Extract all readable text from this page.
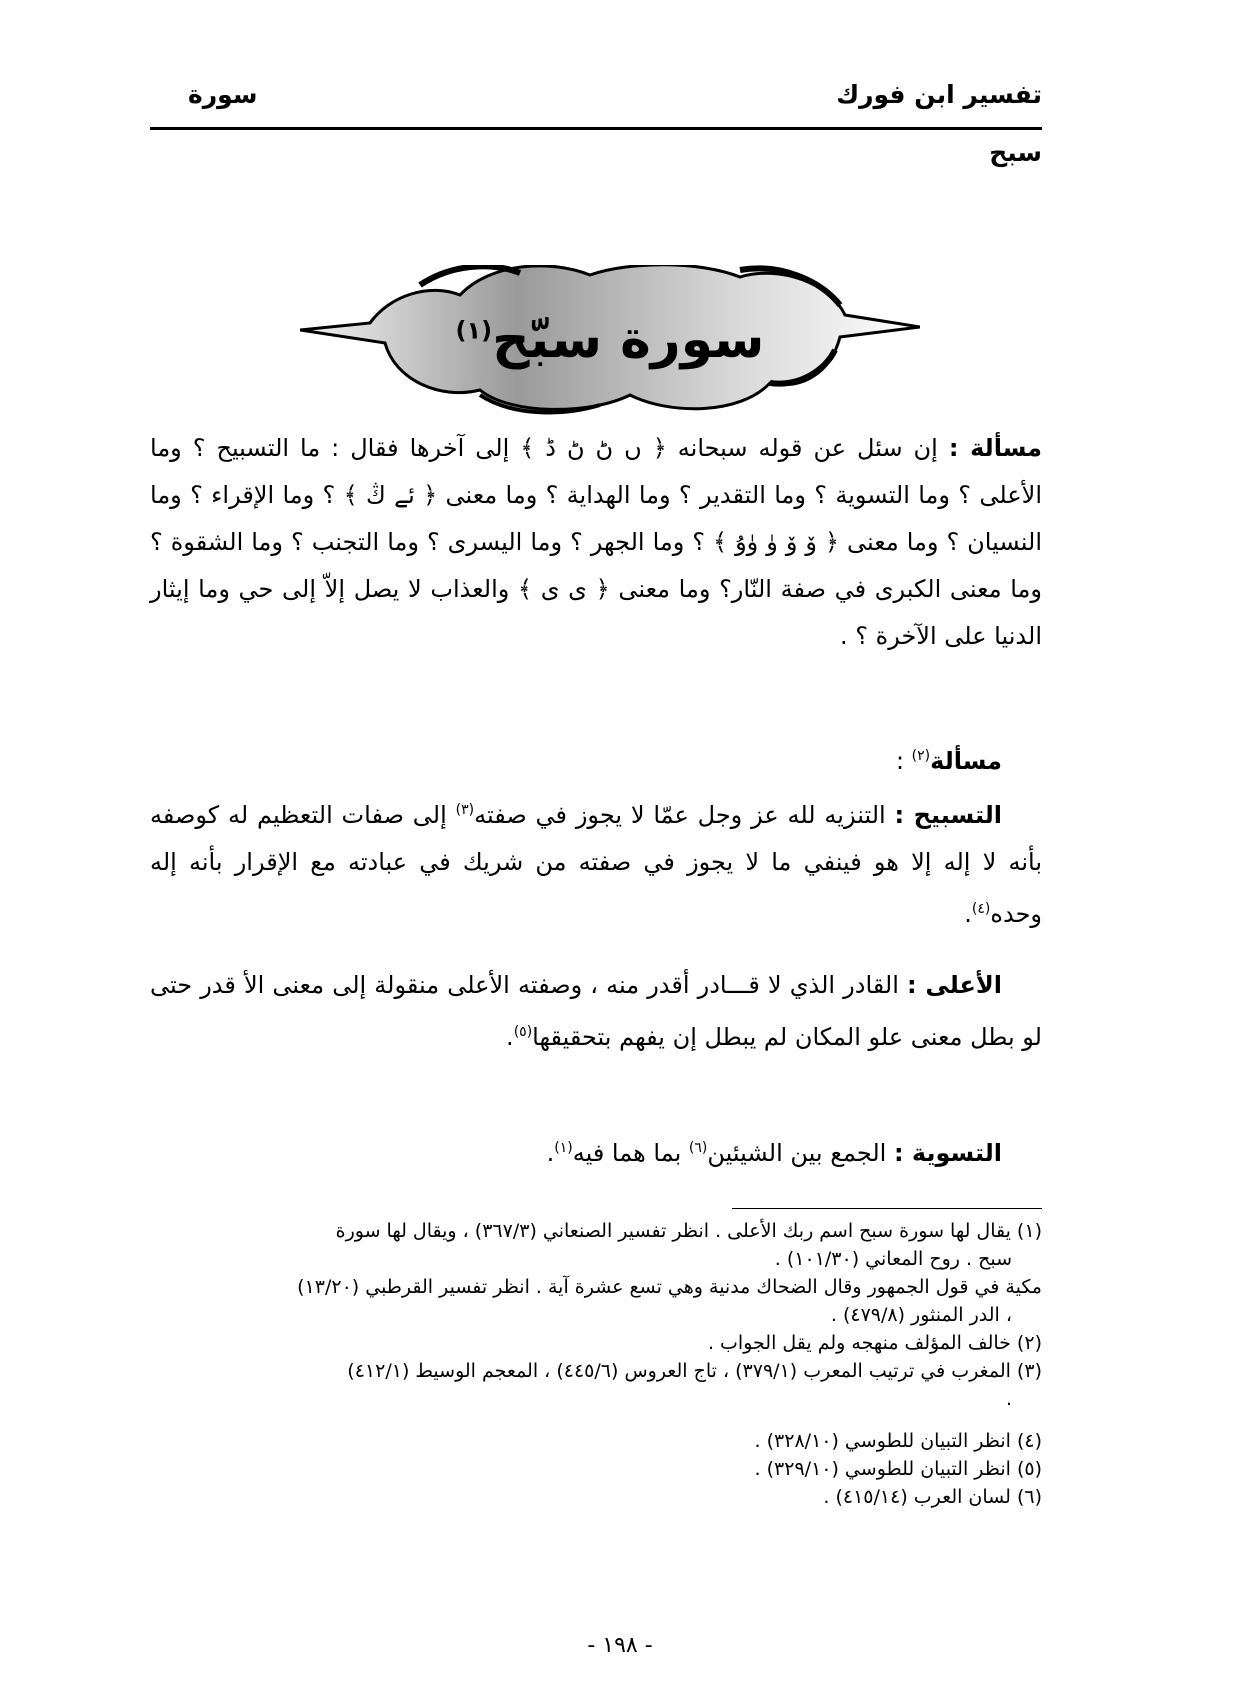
تفسير ابن فورك
سورة
سبح
سورة سبّح$^{(١)}$
مسألة : إن سئل عن قوله سبحانه ﴿ ں ڻ ڻ ڈ ﴾ إلى آخرها فقال : ما التسبيح ؟ وما الأعلى ؟ وما التسوية ؟ وما التقدير ؟ وما الهداية ؟ وما معنى ﴿ ئے ڭ ﴾ ؟ وما الإقراء ؟ وما النسيان ؟ وما معنى ﴿ ۆ ۆ ۈ ۈۇ ﴾ ؟ وما الجهر ؟ وما اليسرى ؟ وما التجنب ؟ وما الشقوة ؟ وما معنى الكبرى في صفة النّار؟ وما معنى ﴿ ى ى ﴾ والعذاب لا يصل إلاّ إلى حي وما إيثار الدنيا على الآخرة ؟ .
مسألة$^{(٢)}$ :
التسبيح : التنزيه لله عز وجل عمّا لا يجوز في صفته$^{(٣)}$ إلى صفات التعظيم له كوصفه بأنه لا إله إلا هو فينفي ما لا يجوز في صفته من شريك في عبادته مع الإقرار بأنه إله وحده$^{(٤)}$.
الأعلى : القادر الذي لا قـــادر أقدر منه ، وصفته الأعلى منقولة إلى معنى الأ قدر حتى لو بطل معنى علو المكان لم يبطل إن يفهم بتحقيقها$^{(٥)}$.
التسوية : الجمع بين الشيئين$^{(٦)}$ بما هما فيه$^{(١)}$.
(١) يقال لها سورة سبح اسم ربك الأعلى . انظر تفسير الصنعاني (٣٦٧/٣) ، ويقال لها سورة
سبح . روح المعاني (١٠١/٣٠) .
مكية في قول الجمهور وقال الضحاك مدنية وهي تسع عشرة آية . انظر تفسير القرطبي (١٣/٢٠)
، الدر المنثور (٤٧٩/٨) .
(٢) خالف المؤلف منهجه ولم يقل الجواب .
(٣) المغرب في ترتيب المعرب (٣٧٩/١) ، تاج العروس (٤٤٥/٦) ، المعجم الوسيط (٤١٢/١)
.
(٤) انظر التبيان للطوسي (٣٢٨/١٠) .
(٥) انظر التبيان للطوسي (٣٢٩/١٠) .
(٦) لسان العرب (٤١٥/١٤) .
- ١٩٨ -
